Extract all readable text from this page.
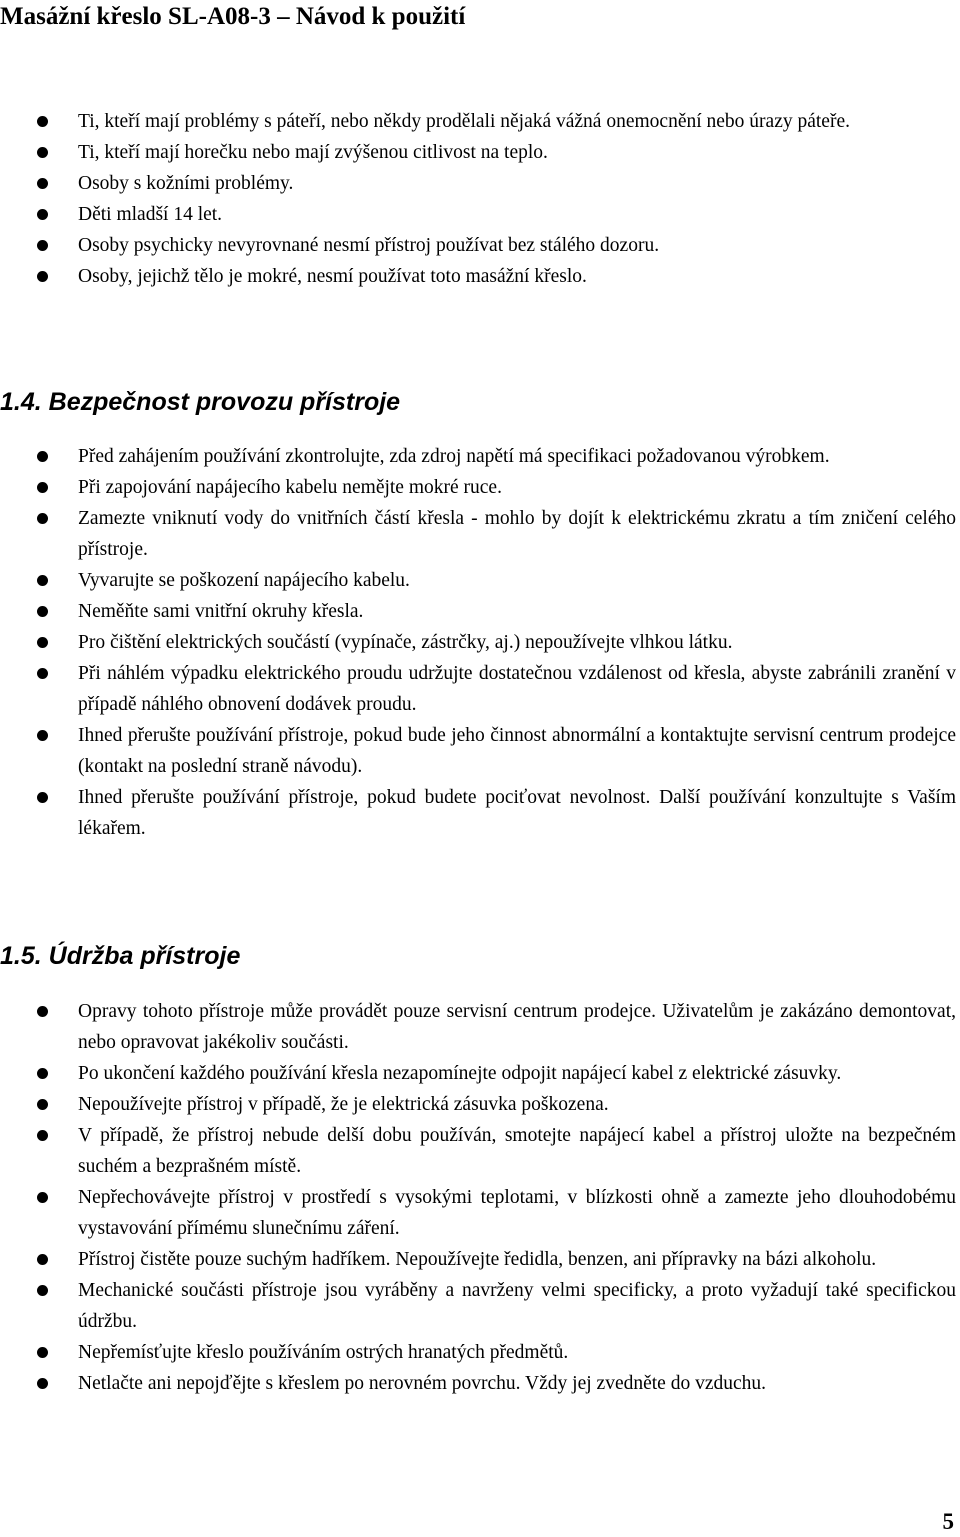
Masážní křeslo SL-A08-3 – Návod k použití
Ti, kteří mají problémy s páteří, nebo někdy prodělali nějaká vážná onemocnění nebo úrazy páteře.
Ti, kteří mají horečku nebo mají zvýšenou citlivost na teplo.
Osoby s kožními problémy.
Děti mladší 14 let.
Osoby psychicky nevyrovnané nesmí přístroj používat bez stálého dozoru.
Osoby, jejichž tělo je mokré, nesmí používat toto masážní křeslo.
1.4. Bezpečnost provozu přístroje
Před zahájením používání zkontrolujte, zda zdroj napětí má specifikaci požadovanou výrobkem.
Při zapojování napájecího kabelu nemějte mokré ruce.
Zamezte vniknutí vody do vnitřních částí křesla - mohlo by dojít k elektrickému zkratu a tím zničení celého přístroje.
Vyvarujte se poškození napájecího kabelu.
Neměňte sami vnitřní okruhy křesla.
Pro čištění elektrických součástí (vypínače, zástrčky, aj.) nepoužívejte vlhkou látku.
Při náhlém výpadku elektrického proudu udržujte dostatečnou vzdálenost od křesla, abyste zabránili zranění v případě náhlého obnovení dodávek proudu.
Ihned přerušte používání přístroje, pokud bude jeho činnost abnormální a kontaktujte servisní centrum prodejce (kontakt na poslední straně návodu).
Ihned přerušte používání přístroje, pokud budete pociťovat nevolnost. Další používání konzultujte s Vaším lékařem.
1.5. Údržba přístroje
Opravy tohoto přístroje může provádět pouze servisní centrum prodejce. Uživatelům je zakázáno demontovat, nebo opravovat jakékoliv součásti.
Po ukončení každého používání křesla nezapomínejte odpojit napájecí kabel z elektrické zásuvky.
Nepoužívejte přístroj v případě, že je elektrická zásuvka poškozena.
V případě, že přístroj nebude delší dobu používán, smotejte napájecí kabel a přístroj uložte na bezpečném suchém a bezprašném místě.
Nepřechovávejte přístroj v prostředí s vysokými teplotami, v blízkosti ohně a zamezte jeho dlouhodobému vystavování přímému slunečnímu záření.
Přístroj čistěte pouze suchým hadříkem. Nepoužívejte ředidla, benzen, ani přípravky na bázi alkoholu.
Mechanické součásti přístroje jsou vyráběny a navrženy velmi specificky, a proto vyžadují také specifickou údržbu.
Nepřemísťujte křeslo používáním ostrých hranatých předmětů.
Netlačte ani nepojďějte s křeslem po nerovném povrchu. Vždy jej zvedněte do vzduchu.
5
